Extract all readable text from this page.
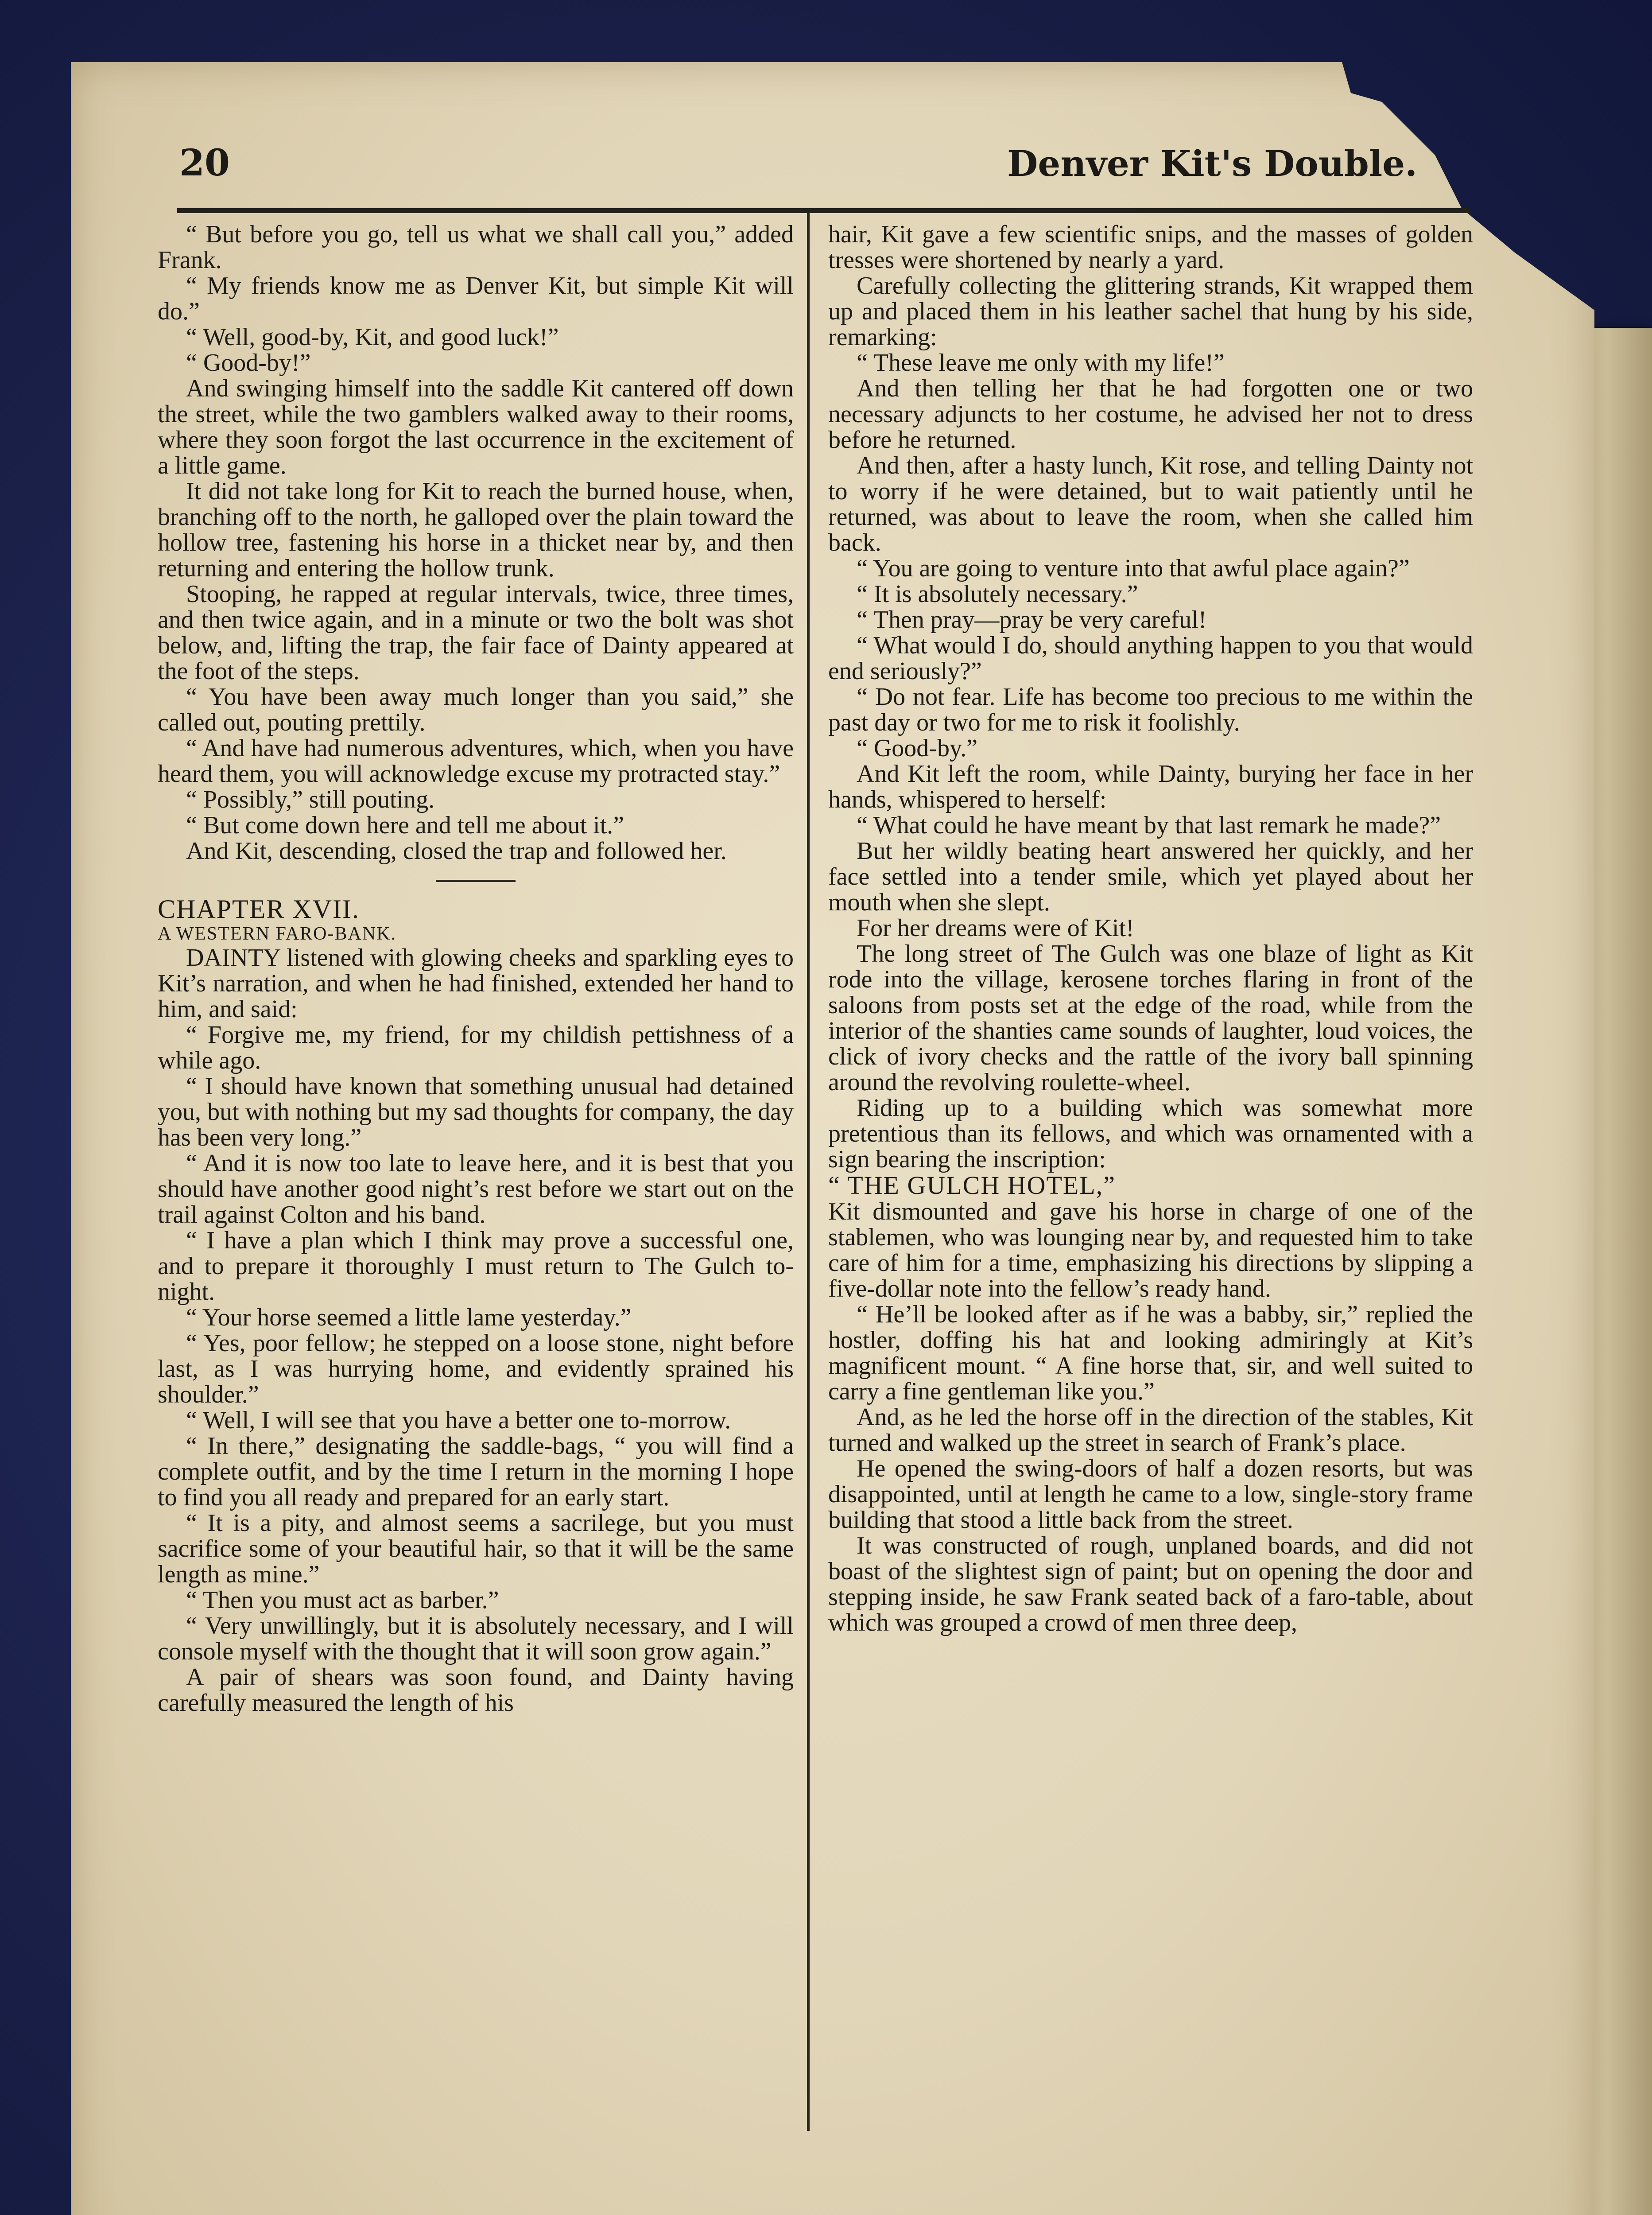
20	Denver Kit's Double.

“ But before you go, tell us what we shall call you,” added Frank.

“ My friends know me as Denver Kit, but simple Kit will do.”

“ Well, good-by, Kit, and good luck!”

“ Good-by!”

And swinging himself into the saddle Kit cantered off down the street, while the two gamblers walked away to their rooms, where they soon forgot the last occurrence in the excitement of a little game.

It did not take long for Kit to reach the burned house, when, branching off to the north, he galloped over the plain toward the hollow tree, fastening his horse in a thicket near by, and then returning and entering the hollow trunk.

Stooping, he rapped at regular intervals, twice, three times, and then twice again, and in a minute or two the bolt was shot below, and, lifting the trap, the fair face of Dainty appeared at the foot of the steps.

“ You have been away much longer than you said,” she called out, pouting prettily.

“ And have had numerous adventures, which, when you have heard them, you will acknowledge excuse my protracted stay.”

“ Possibly,” still pouting.

“ But come down here and tell me about it.”

And Kit, descending, closed the trap and followed her.

CHAPTER XVII.

A WESTERN FARO-BANK.

DAINTY listened with glowing cheeks and sparkling eyes to Kit’s narration, and when he had finished, extended her hand to him, and said:

“ Forgive me, my friend, for my childish pettishness of a while ago.

“ I should have known that something unusual had detained you, but with nothing but my sad thoughts for company, the day has been very long.”

“ And it is now too late to leave here, and it is best that you should have another good night’s rest before we start out on the trail against Colton and his band.

“ I have a plan which I think may prove a successful one, and to prepare it thoroughly I must return to The Gulch to-night.

“ Your horse seemed a little lame yesterday.”

“ Yes, poor fellow; he stepped on a loose stone, night before last, as I was hurrying home, and evidently sprained his shoulder.”

“ Well, I will see that you have a better one to-morrow.

“ In there,” designating the saddle-bags, “ you will find a complete outfit, and by the time I return in the morning I hope to find you all ready and prepared for an early start.

“ It is a pity, and almost seems a sacrilege, but you must sacrifice some of your beautiful hair, so that it will be the same length as mine.”

“ Then you must act as barber.”

“ Very unwillingly, but it is absolutely necessary, and I will console myself with the thought that it will soon grow again.”

A pair of shears was soon found, and Dainty having carefully measured the length of his

hair, Kit gave a few scientific snips, and the masses of golden tresses were shortened by nearly a yard.

Carefully collecting the glittering strands, Kit wrapped them up and placed them in his leather sachel that hung by his side, remarking:

“ These leave me only with my life!”

And then telling her that he had forgotten one or two necessary adjuncts to her costume, he advised her not to dress before he returned.

And then, after a hasty lunch, Kit rose, and telling Dainty not to worry if he were detained, but to wait patiently until he returned, was about to leave the room, when she called him back.

“ You are going to venture into that awful place again?”

“ It is absolutely necessary.”

“ Then pray—pray be very careful!

“ What would I do, should anything happen to you that would end seriously?”

“ Do not fear. Life has become too precious to me within the past day or two for me to risk it foolishly.

“ Good-by.”

And Kit left the room, while Dainty, burying her face in her hands, whispered to herself:

“ What could he have meant by that last remark he made?”

But her wildly beating heart answered her quickly, and her face settled into a tender smile, which yet played about her mouth when she slept.

For her dreams were of Kit!

The long street of The Gulch was one blaze of light as Kit rode into the village, kerosene torches flaring in front of the saloons from posts set at the edge of the road, while from the interior of the shanties came sounds of laughter, loud voices, the click of ivory checks and the rattle of the ivory ball spinning around the revolving roulette-wheel.

Riding up to a building which was somewhat more pretentious than its fellows, and which was ornamented with a sign bearing the inscription:

“ THE GULCH HOTEL,”

Kit dismounted and gave his horse in charge of one of the stablemen, who was lounging near by, and requested him to take care of him for a time, emphasizing his directions by slipping a five-dollar note into the fellow’s ready hand.

“ He’ll be looked after as if he was a babby, sir,” replied the hostler, doffing his hat and looking admiringly at Kit’s magnificent mount. “ A fine horse that, sir, and well suited to carry a fine gentleman like you.”

And, as he led the horse off in the direction of the stables, Kit turned and walked up the street in search of Frank’s place.

He opened the swing-doors of half a dozen resorts, but was disappointed, until at length he came to a low, single-story frame building that stood a little back from the street.

It was constructed of rough, unplaned boards, and did not boast of the slightest sign of paint; but on opening the door and stepping inside, he saw Frank seated back of a faro-table, about which was grouped a crowd of men three deep,
